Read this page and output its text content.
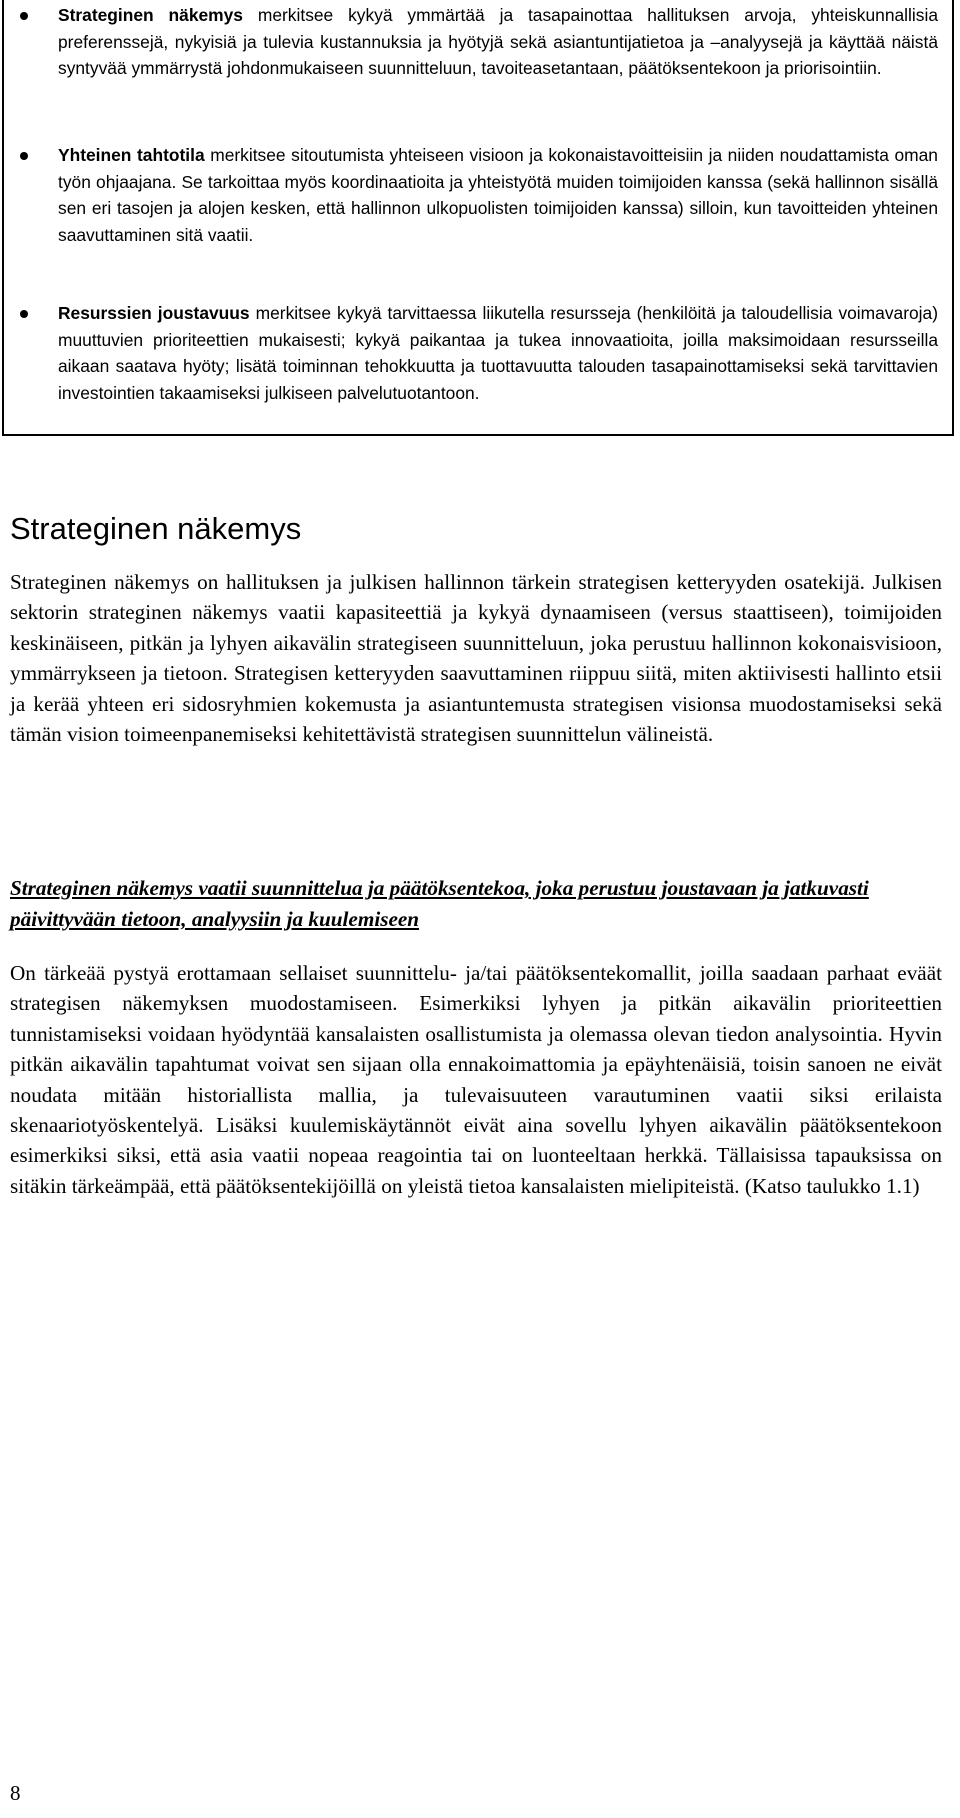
Strateginen näkemys merkitsee kykyä ymmärtää ja tasapainottaa hallituksen arvoja, yhteiskunnallisia preferenssejä, nykyisiä ja tulevia kustannuksia ja hyötyjä sekä asiantuntijatietoa ja –analyysejä ja käyttää näistä syntyvää ymmärrystä johdonmukaiseen suunnitteluun, tavoiteasetantaan, päätöksentekoon ja priorisointiin.
Yhteinen tahtotila merkitsee sitoutumista yhteiseen visioon ja kokonaistavoitteisiin ja niiden noudattamista oman työn ohjaajana. Se tarkoittaa myös koordinaatioita ja yhteistyötä muiden toimijoiden kanssa (sekä hallinnon sisällä sen eri tasojen ja alojen kesken, että hallinnon ulkopuolisten toimijoiden kanssa) silloin, kun tavoitteiden yhteinen saavuttaminen sitä vaatii.
Resurssien joustavuus merkitsee kykyä tarvittaessa liikutella resursseja (henkilöitä ja taloudellisia voimavaroja) muuttuvien prioriteettien mukaisesti; kykyä paikantaa ja tukea innovaatioita, joilla maksimoidaan resursseilla aikaan saatava hyöty; lisätä toiminnan tehokkuutta ja tuottavuutta talouden tasapainottamiseksi sekä tarvittavien investointien takaamiseksi julkiseen palvelutuotantoon.
Strateginen näkemys

Strateginen näkemys on hallituksen ja julkisen hallinnon tärkein strategisen ketteryyden osatekijä. Julkisen sektorin strateginen näkemys vaatii kapasiteettiä ja kykyä dynaamiseen (versus staattiseen), toimijoiden keskinäiseen, pitkän ja lyhyen aikavälin strategiseen suunnitteluun, joka perustuu hallinnon kokonaisvisioon, ymmärrykseen ja tietoon. Strategisen ketteryyden saavuttaminen riippuu siitä, miten aktiivisesti hallinto etsii ja kerää yhteen eri sidosryhmien kokemusta ja asiantuntemusta strategisen visionsa muodostamiseksi sekä tämän vision toimeenpanemiseksi kehitettävistä strategisen suunnittelun välineistä.

Strateginen näkemys vaatii suunnittelua ja päätöksentekoa, joka perustuu joustavaan ja jatkuvasti päivittyvään tietoon, analyysiin ja kuulemiseen

On tärkeää pystyä erottamaan sellaiset suunnittelu- ja/tai päätöksentekomallit, joilla saadaan parhaat eväät strategisen näkemyksen muodostamiseen. Esimerkiksi lyhyen ja pitkän aikavälin prioriteettien tunnistamiseksi voidaan hyödyntää kansalaisten osallistumista ja olemassa olevan tiedon analysointia. Hyvin pitkän aikavälin tapahtumat voivat sen sijaan olla ennakoimattomia ja epäyhtenäisiä, toisin sanoen ne eivät noudata mitään historiallista mallia, ja tulevaisuuteen varautuminen vaatii siksi erilaista skenaariotyöskentelyä. Lisäksi kuulemiskäytännöt eivät aina sovellu lyhyen aikavälin päätöksentekoon esimerkiksi siksi, että asia vaatii nopeaa reagointia tai on luonteeltaan herkkä. Tällaisissa tapauksissa on sitäkin tärkeämpää, että päätöksentekijöillä on yleistä tietoa kansalaisten mielipiteistä. (Katso taulukko 1.1)

8
